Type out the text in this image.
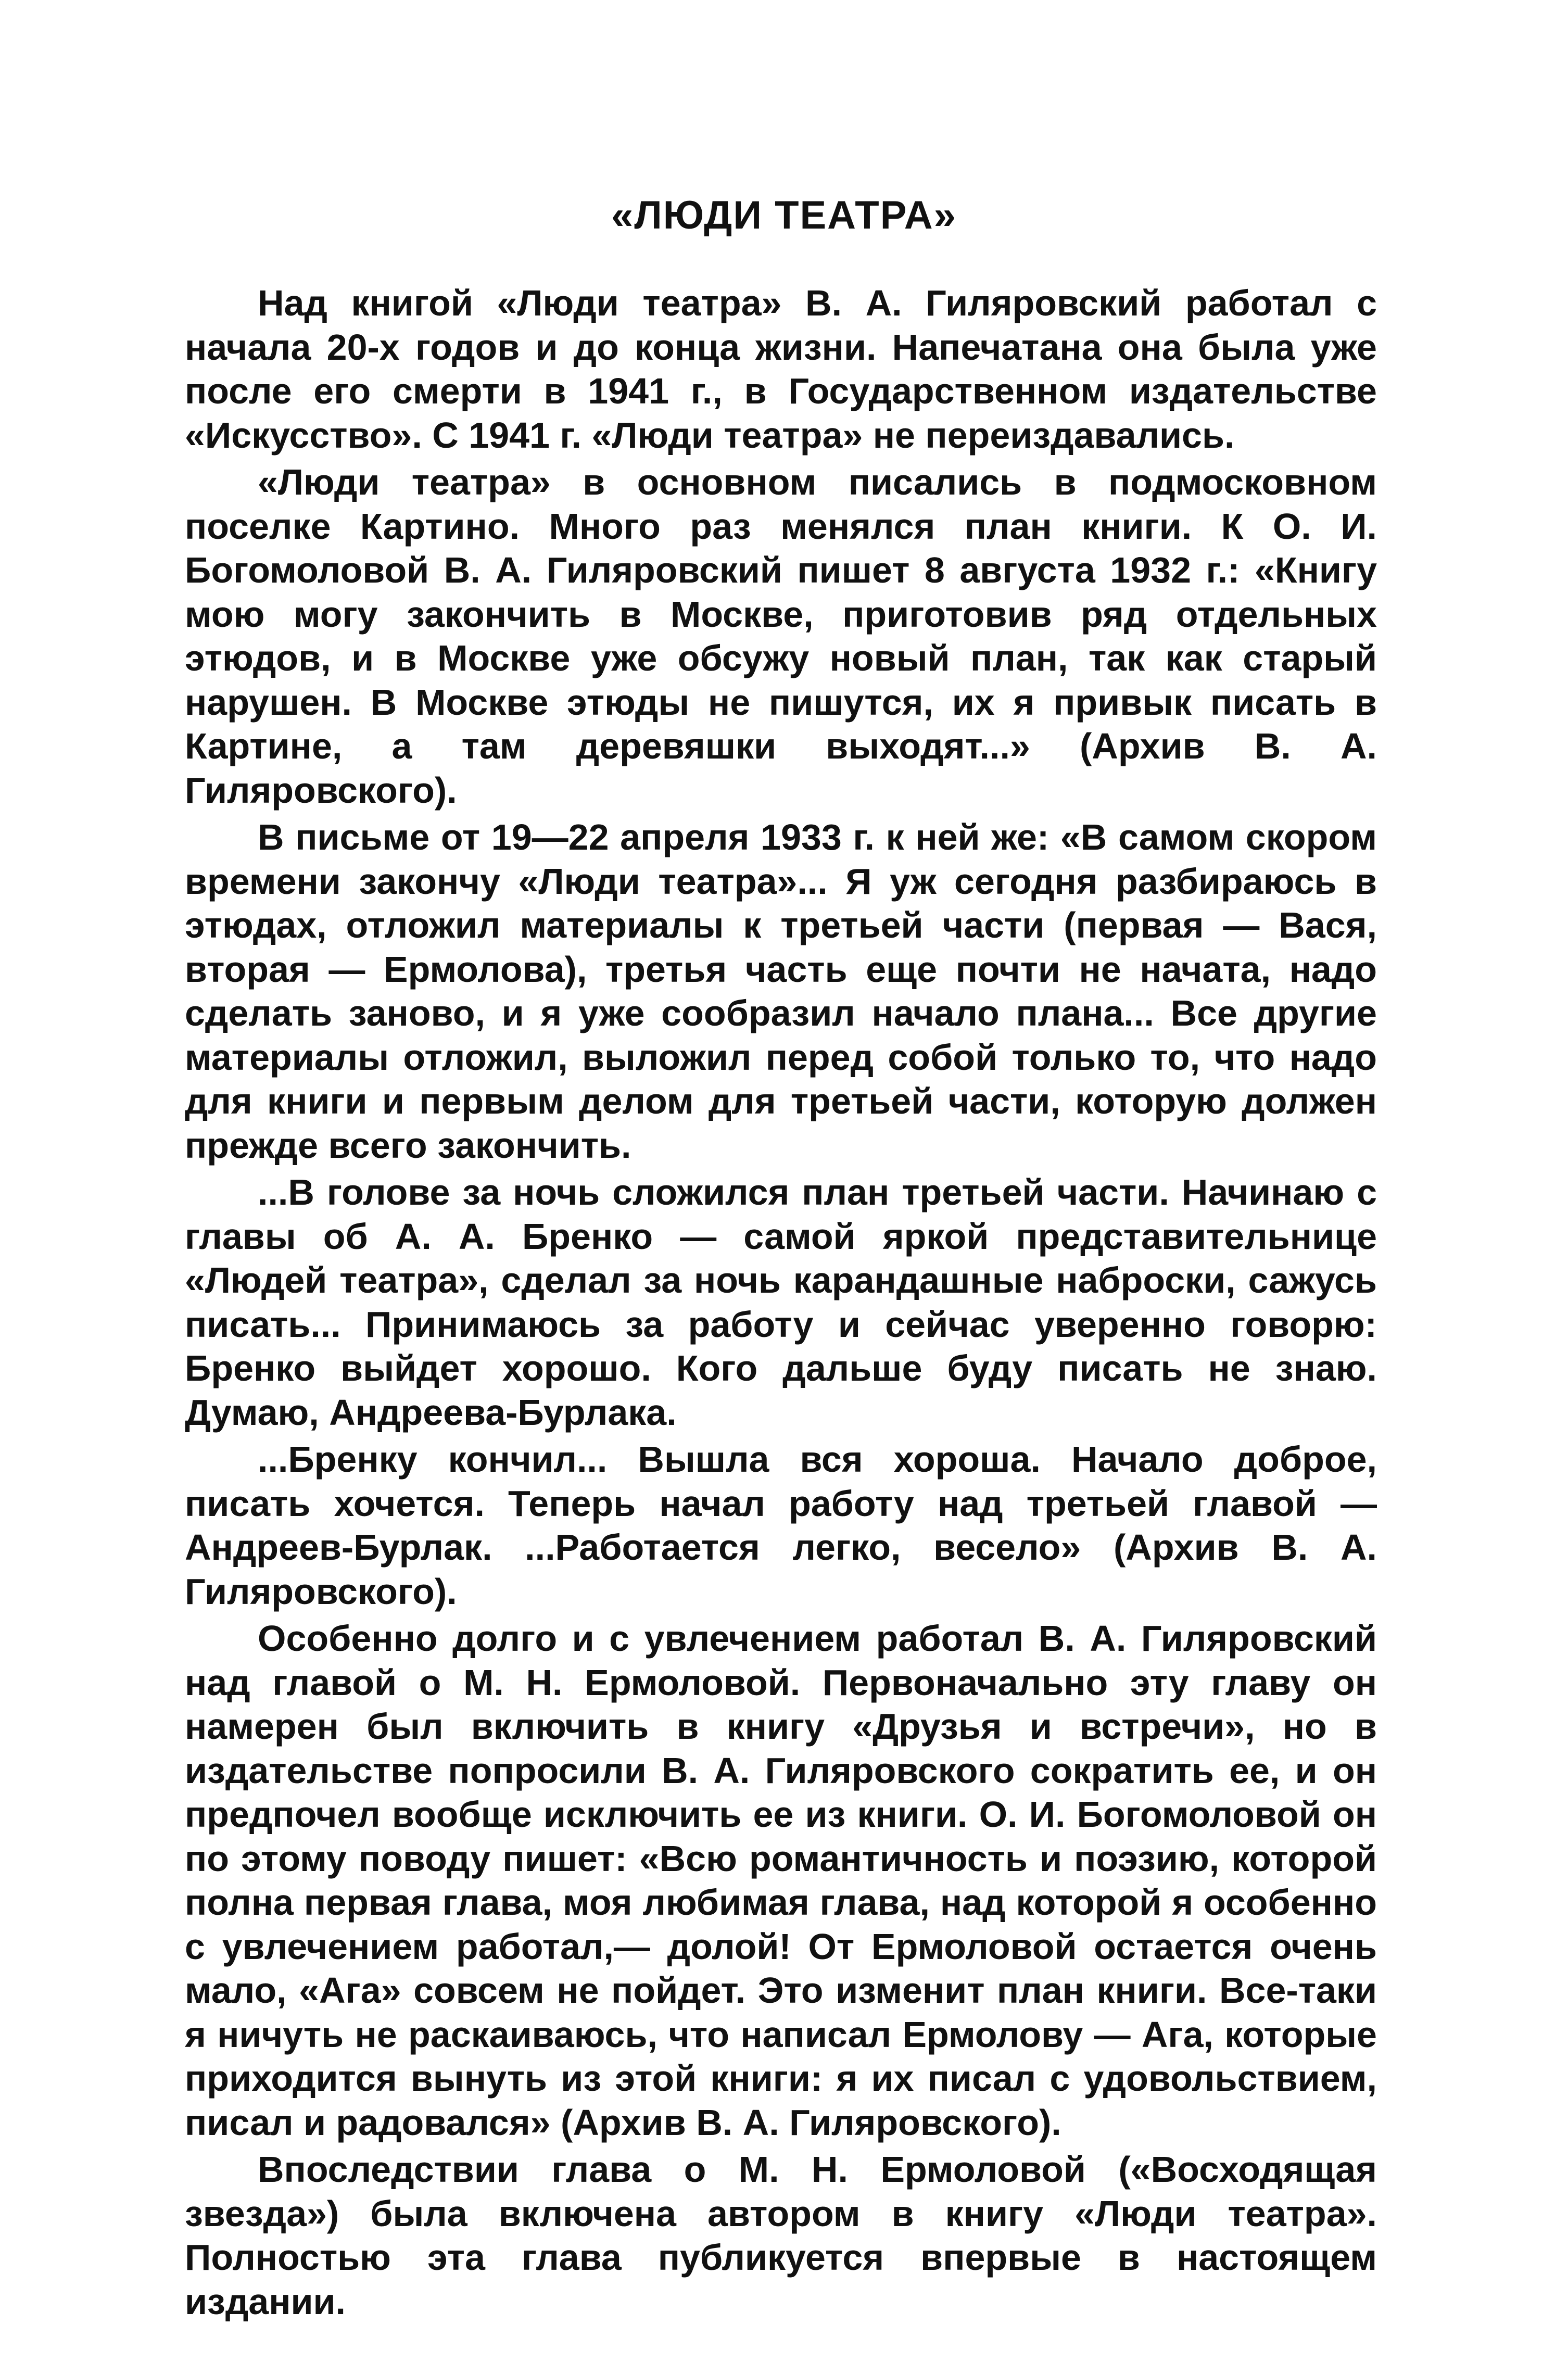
«ЛЮДИ ТЕАТРА»

Над книгой «Люди театра» В. А. Гиляровский работал с начала 20-х годов и до конца жизни. Напечатана она была уже после его смерти в 1941 г., в Государственном издательстве «Искусство». С 1941 г. «Люди театра» не переиздавались.

«Люди театра» в основном писались в подмосковном поселке Картино. Много раз менялся план книги. К О. И. Богомоловой В. А. Гиляровский пишет 8 августа 1932 г.: «Книгу мою могу закончить в Москве, приготовив ряд отдельных этюдов, и в Москве уже обсужу новый план, так как старый нарушен. В Москве этюды не пишутся, их я привык писать в Картине, а там деревяшки выходят...» (Архив В. А. Гиляровского).

В письме от 19—22 апреля 1933 г. к ней же: «В самом скором времени закончу «Люди театра»... Я уж сегодня разбираюсь в этюдах, отложил материалы к третьей части (первая — Вася, вторая — Ермолова), третья часть еще почти не начата, надо сделать заново, и я уже сообразил начало плана... Все другие материалы отложил, выложил перед собой только то, что надо для книги и первым делом для третьей части, которую должен прежде всего закончить.

...В голове за ночь сложился план третьей части. Начинаю с главы об А. А. Бренко — самой яркой представительнице «Людей театра», сделал за ночь карандашные наброски, сажусь писать... Принимаюсь за работу и сейчас уверенно говорю: Бренко выйдет хорошо. Кого дальше буду писать не знаю. Думаю, Андреева-Бурлака.

...Бренку кончил... Вышла вся хороша. Начало доброе, писать хочется. Теперь начал работу над третьей главой — Андреев-Бурлак. ...Работается легко, весело» (Архив В. А. Гиляровского).

Особенно долго и с увлечением работал В. А. Гиляровский над главой о М. Н. Ермоловой. Первоначально эту главу он намерен был включить в книгу «Друзья и встречи», но в издательстве попросили В. А. Гиляровского сократить ее, и он предпочел вообще исключить ее из книги. О. И. Богомоловой он по этому поводу пишет: «Всю романтичность и поэзию, которой полна первая глава, моя любимая глава, над которой я особенно с увлечением работал,— долой! От Ермоловой остается очень мало, «Ага» совсем не пойдет. Это изменит план книги. Все-таки я ничуть не раскаиваюсь, что написал Ермолову — Ага, которые приходится вынуть из этой книги: я их писал с удовольствием, писал и радовался» (Архив В. А. Гиляровского).

Впоследствии глава о М. Н. Ермоловой («Восходящая звезда») была включена автором в книгу «Люди театра». Полностью эта глава публикуется впервые в настоящем издании.
